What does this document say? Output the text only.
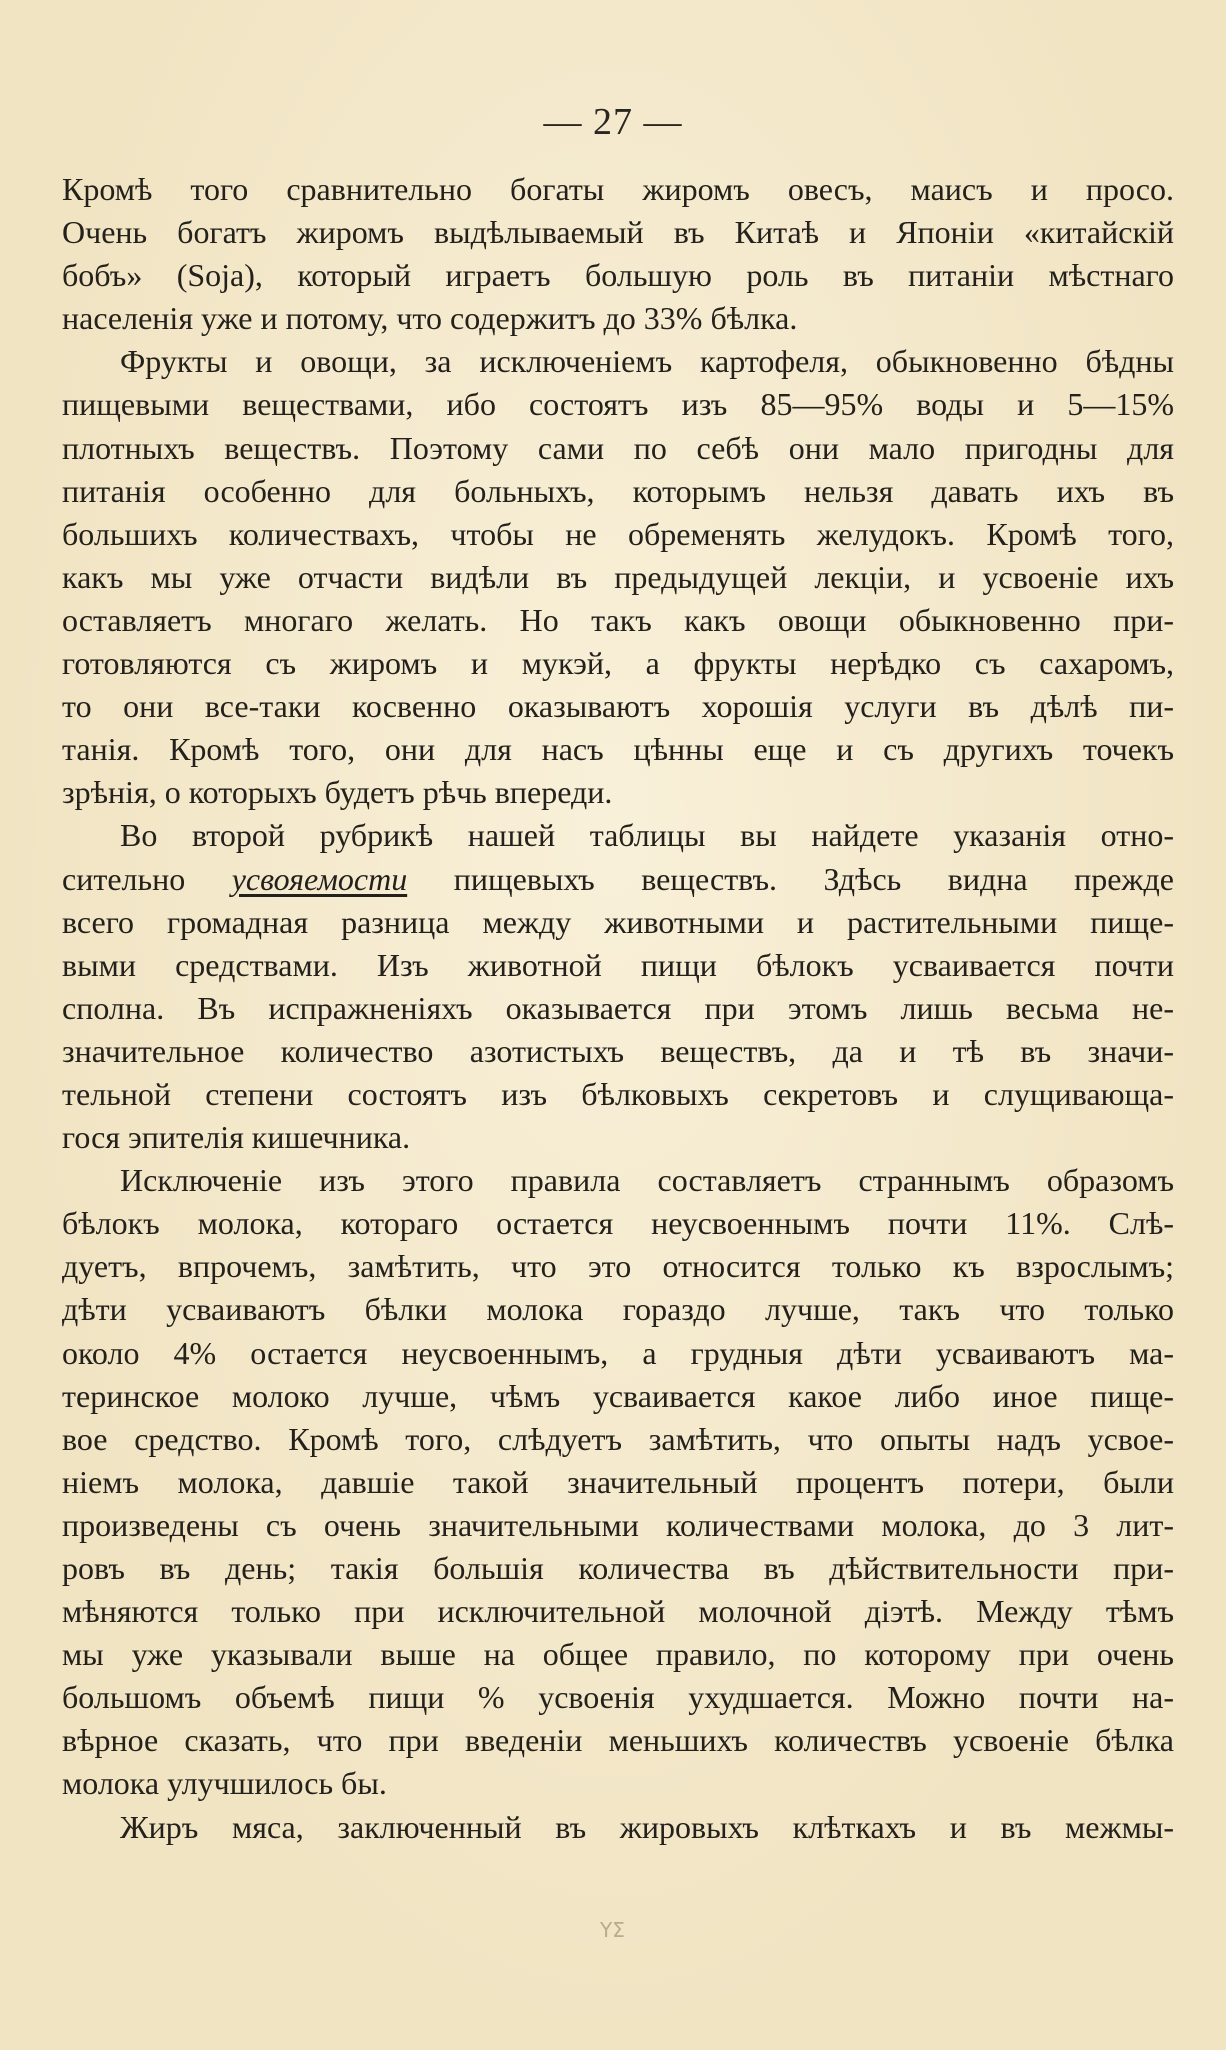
— 27 —
Кромѣ того сравнительно богаты жиромъ овесъ, маисъ и просо.
Очень богатъ жиромъ выдѣлываемый въ Китаѣ и Японіи «китайскій
бобъ» (Soja), который играетъ большую роль въ питаніи мѣстнаго
населенія уже и потому, что содержитъ до 33% бѣлка.
Фрукты и овощи, за исключеніемъ картофеля, обыкновенно бѣдны
пищевыми веществами, ибо состоятъ изъ 85—95% воды и 5—15%
плотныхъ веществъ. Поэтому сами по себѣ они мало пригодны для
питанія особенно для больныхъ, которымъ нельзя давать ихъ въ
большихъ количествахъ, чтобы не обременять желудокъ. Кромѣ того,
какъ мы уже отчасти видѣли въ предыдущей лекціи, и усвоеніе ихъ
оставляетъ многаго желать. Но такъ какъ овощи обыкновенно при-
готовляются съ жиромъ и мукэй, а фрукты нерѣдко съ сахаромъ,
то они все-таки косвенно оказываютъ хорошія услуги въ дѣлѣ пи-
танія. Кромѣ того, они для насъ цѣнны еще и съ другихъ точекъ
зрѣнія, о которыхъ будетъ рѣчь впереди.
Во второй рубрикѣ нашей таблицы вы найдете указанія отно-
сительно усвояемости пищевыхъ веществъ. Здѣсь видна прежде
всего громадная разница между животными и растительными пище-
выми средствами. Изъ животной пищи бѣлокъ усваивается почти
сполна. Въ испражненіяхъ оказывается при этомъ лишь весьма не-
значительное количество азотистыхъ веществъ, да и тѣ въ значи-
тельной степени состоятъ изъ бѣлковыхъ секретовъ и слущивающа-
гося эпителія кишечника.
Исключеніе изъ этого правила составляетъ страннымъ образомъ
бѣлокъ молока, котораго остается неусвоеннымъ почти 11%. Слѣ-
дуетъ, впрочемъ, замѣтить, что это относится только къ взрослымъ;
дѣти усваиваютъ бѣлки молока гораздо лучше, такъ что только
около 4% остается неусвоеннымъ, а грудныя дѣти усваиваютъ ма-
теринское молоко лучше, чѣмъ усваивается какое либо иное пище-
вое средство. Кромѣ того, слѣдуетъ замѣтить, что опыты надъ усвое-
ніемъ молока, давшіе такой значительный процентъ потери, были
произведены съ очень значительными количествами молока, до 3 лит-
ровъ въ день; такія большія количества въ дѣйствительности при-
мѣняются только при исключительной молочной діэтѣ. Между тѣмъ
мы уже указывали выше на общее правило, по которому при очень
большомъ объемѣ пищи % усвоенія ухудшается. Можно почти на-
вѣрное сказать, что при введеніи меньшихъ количествъ усвоеніе бѣлка
молока улучшилось бы.
Жиръ мяса, заключенный въ жировыхъ клѣткахъ и въ межмы-
ΥΣ
